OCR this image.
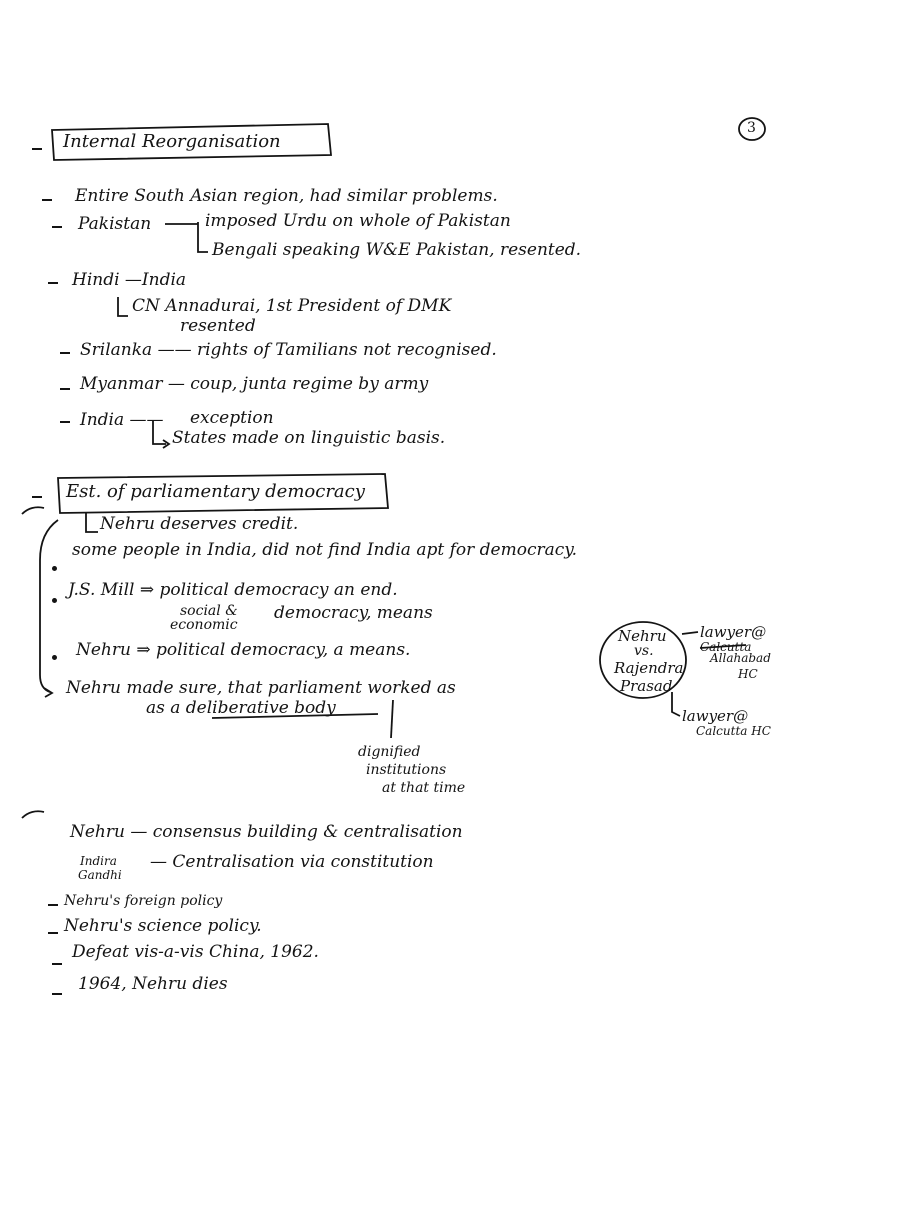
3
Internal Reorganisation
Entire South Asian region, had similar problems.
Pakistan	imposed Urdu on whole of Pakistan
Bengali speaking W&E Pakistan, resented.
Hindi —India
CN Annadurai, 1st President of DMK
resented
Srilanka —— rights of Tamilians not recognised.
Myanmar — coup, junta regime by army
India —— exception
States made on linguistic basis.
Est. of parliamentary democracy
Nehru deserves credit.
some people in India, did not find India apt for democracy.
J.S. Mill ⇒ political democracy an end.
social &
economic
democracy, means
Nehru ⇒ political democracy, a means.
Nehru made sure, that parliament worked as
as a deliberative body
dignified
institutions
at that time
Nehru
vs.
Rajendra
Prasad
lawyer@
Calcutta
Allahabad
HC
lawyer@
Calcutta HC
Nehru — consensus building & centralisation
Indira
Gandhi
— Centralisation via constitution
Nehru's foreign policy
Nehru's science policy.
Defeat vis-a-vis China, 1962.
1964, Nehru dies
